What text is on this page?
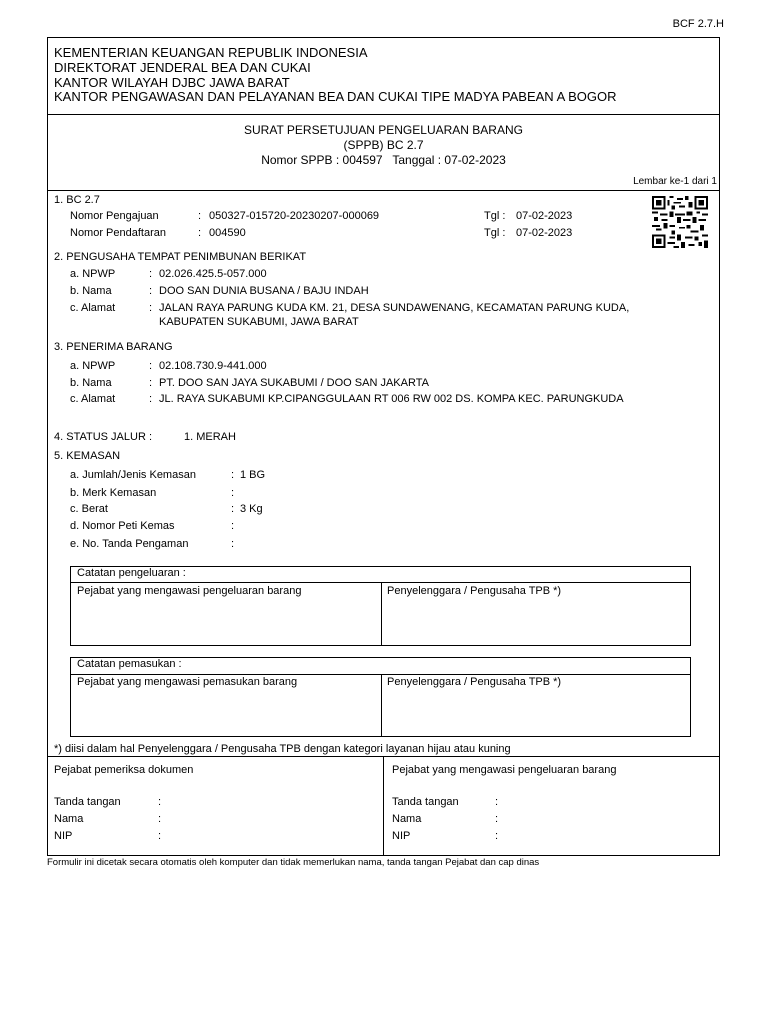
BCF 2.7.H
KEMENTERIAN KEUANGAN REPUBLIK INDONESIA
DIREKTORAT JENDERAL BEA DAN CUKAI
KANTOR WILAYAH DJBC JAWA BARAT
KANTOR PENGAWASAN DAN PELAYANAN BEA DAN CUKAI TIPE MADYA PABEAN A BOGOR
SURAT PERSETUJUAN PENGELUARAN BARANG
(SPPB) BC 2.7
Nomor SPPB : 004597   Tanggal : 07-02-2023
Lembar ke-1 dari 1
1. BC 2.7
Nomor Pengajuan	: 050327-015720-20230207-000069	Tgl : 07-02-2023
Nomor Pendaftaran	: 004590	Tgl : 07-02-2023
2. PENGUSAHA TEMPAT PENIMBUNAN BERIKAT
a. NPWP	: 02.026.425.5-057.000
b. Nama	: DOO SAN DUNIA BUSANA / BAJU INDAH
c. Alamat	: JALAN RAYA PARUNG KUDA KM. 21, DESA SUNDAWENANG, KECAMATAN PARUNG KUDA,
KABUPATEN SUKABUMI, JAWA BARAT
3. PENERIMA BARANG
a. NPWP	: 02.108.730.9-441.000
b. Nama	: PT. DOO SAN JAYA SUKABUMI / DOO SAN JAKARTA
c. Alamat	: JL. RAYA SUKABUMI KP.CIPANGGULAAN RT 006 RW 002 DS. KOMPA KEC. PARUNGKUDA
4. STATUS JALUR :	1. MERAH
5. KEMASAN
a. Jumlah/Jenis Kemasan	: 1 BG
b. Merk Kemasan	:
c. Berat	: 3 Kg
d. Nomor Peti Kemas	:
e. No. Tanda Pengaman	:
Catatan pengeluaran :
Pejabat yang mengawasi pengeluaran barang	Penyelenggara / Pengusaha TPB *)
Catatan pemasukan :
Pejabat yang mengawasi pemasukan barang	Penyelenggara / Pengusaha TPB *)
*) diisi dalam hal Penyelenggara / Pengusaha TPB dengan kategori layanan hijau atau kuning
Pejabat pemeriksa dokumen
Tanda tangan	:
Nama	:
NIP	:
Pejabat yang mengawasi pengeluaran barang
Tanda tangan	:
Nama	:
NIP	:
Formulir ini dicetak secara otomatis oleh komputer dan tidak memerlukan nama, tanda tangan Pejabat dan cap dinas
